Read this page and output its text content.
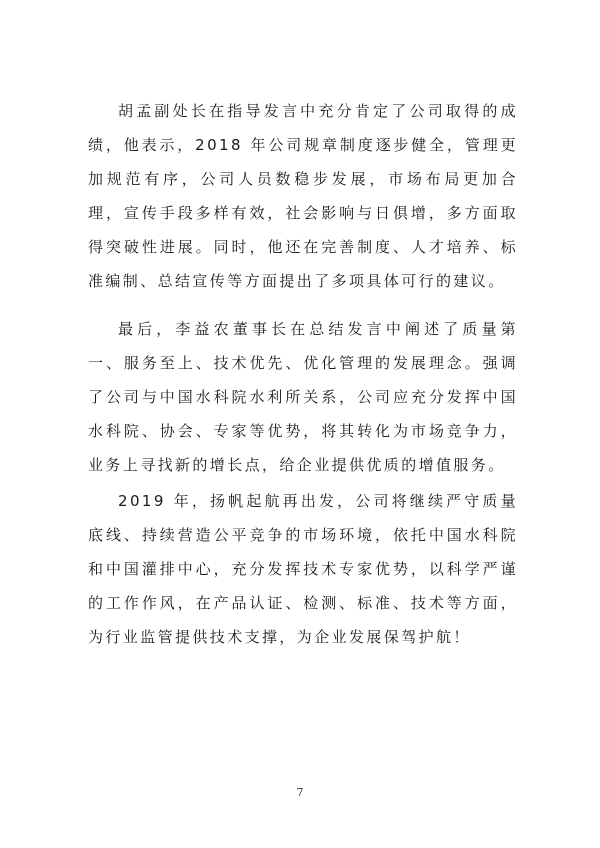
胡孟副处长在指导发言中充分肯定了公司取得的成绩，他表示，2018 年公司规章制度逐步健全，管理更加规范有序，公司人员数稳步发展，市场布局更加合理，宣传手段多样有效，社会影响与日俱增，多方面取得突破性进展。同时，他还在完善制度、人才培养、标准编制、总结宣传等方面提出了多项具体可行的建议。

最后，李益农董事长在总结发言中阐述了质量第一、服务至上、技术优先、优化管理的发展理念。强调了公司与中国水科院水利所关系，公司应充分发挥中国水科院、协会、专家等优势，将其转化为市场竞争力，业务上寻找新的增长点，给企业提供优质的增值服务。

2019 年，扬帆起航再出发，公司将继续严守质量底线、持续营造公平竞争的市场环境，依托中国水科院和中国灌排中心，充分发挥技术专家优势，以科学严谨的工作作风，在产品认证、检测、标准、技术等方面，为行业监管提供技术支撑，为企业发展保驾护航！

7
